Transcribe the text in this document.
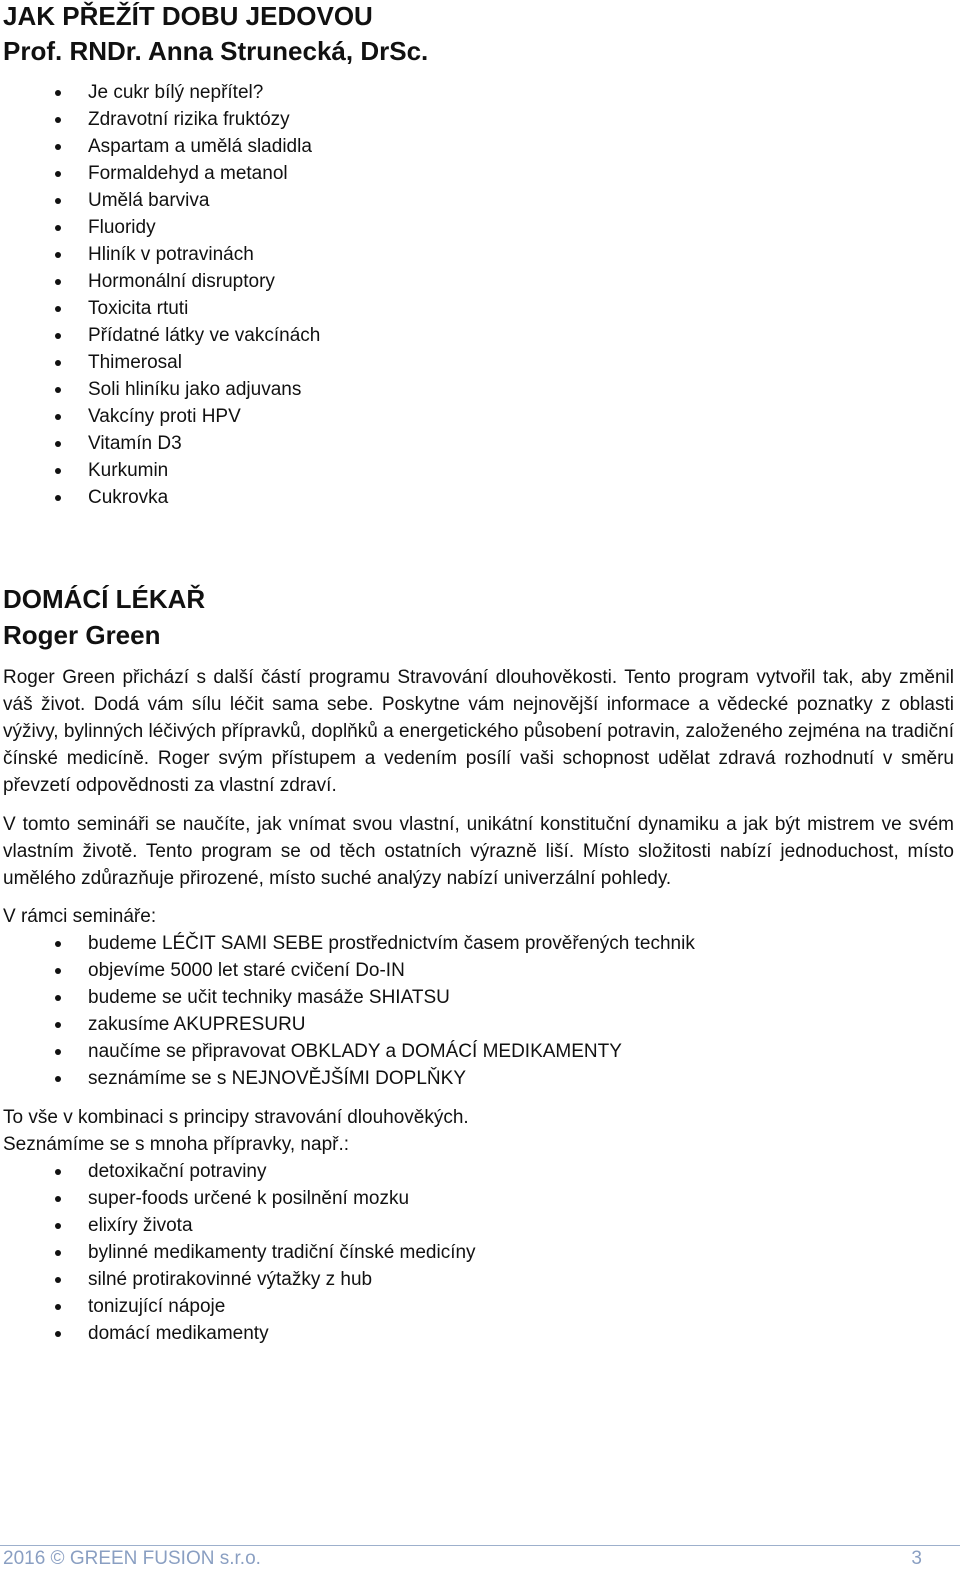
JAK PŘEŽÍT DOBU JEDOVOU
Prof. RNDr. Anna Strunecká, DrSc.
Je cukr bílý nepřítel?
Zdravotní rizika fruktózy
Aspartam a umělá sladidla
Formaldehyd a metanol
Umělá barviva
Fluoridy
Hliník v potravinách
Hormonální disruptory
Toxicita rtuti
Přídatné látky ve vakcínách
Thimerosal
Soli hliníku jako adjuvans
Vakcíny proti HPV
Vitamín D3
Kurkumin
Cukrovka
DOMÁCÍ LÉKAŘ
Roger Green

Roger Green přichází s další částí programu Stravování dlouhověkosti. Tento program vytvořil tak, aby změnil váš život. Dodá vám sílu léčit sama sebe. Poskytne vám nejnovější informace a vědecké poznatky z oblasti výživy, bylinných léčivých přípravků, doplňků a energetického působení potravin, založeného zejména na tradiční čínské medicíně. Roger svým přístupem a vedením posílí vaši schopnost udělat zdravá rozhodnutí v směru převzetí odpovědnosti za vlastní zdraví.

V tomto semináři se naučíte, jak vnímat svou vlastní, unikátní konstituční dynamiku a jak být mistrem ve svém vlastním životě. Tento program se od těch ostatních výrazně liší. Místo složitosti nabízí jednoduchost, místo umělého zdůrazňuje přirozené, místo suché analýzy nabízí univerzální pohledy.

V rámci semináře:

budeme LÉČIT SAMI SEBE prostřednictvím časem prověřených technik
objevíme 5000 let staré cvičení Do-IN
budeme se učit techniky masáže SHIATSU
zakusíme AKUPRESURU
naučíme se připravovat OBKLADY a DOMÁCÍ MEDIKAMENTY
seznámíme se s NEJNOVĚJŠÍMI DOPLŇKY

To vše v kombinaci s principy stravování dlouhověkých.

Seznámíme se s mnoha přípravky, např.:

detoxikační potraviny
super-foods určené k posilnění mozku
elixíry života
bylinné medikamenty tradiční čínské medicíny
silné protirakovinné výtažky z hub
tonizující nápoje
domácí medikamenty
2016 © GREEN FUSION s.r.o.	3
